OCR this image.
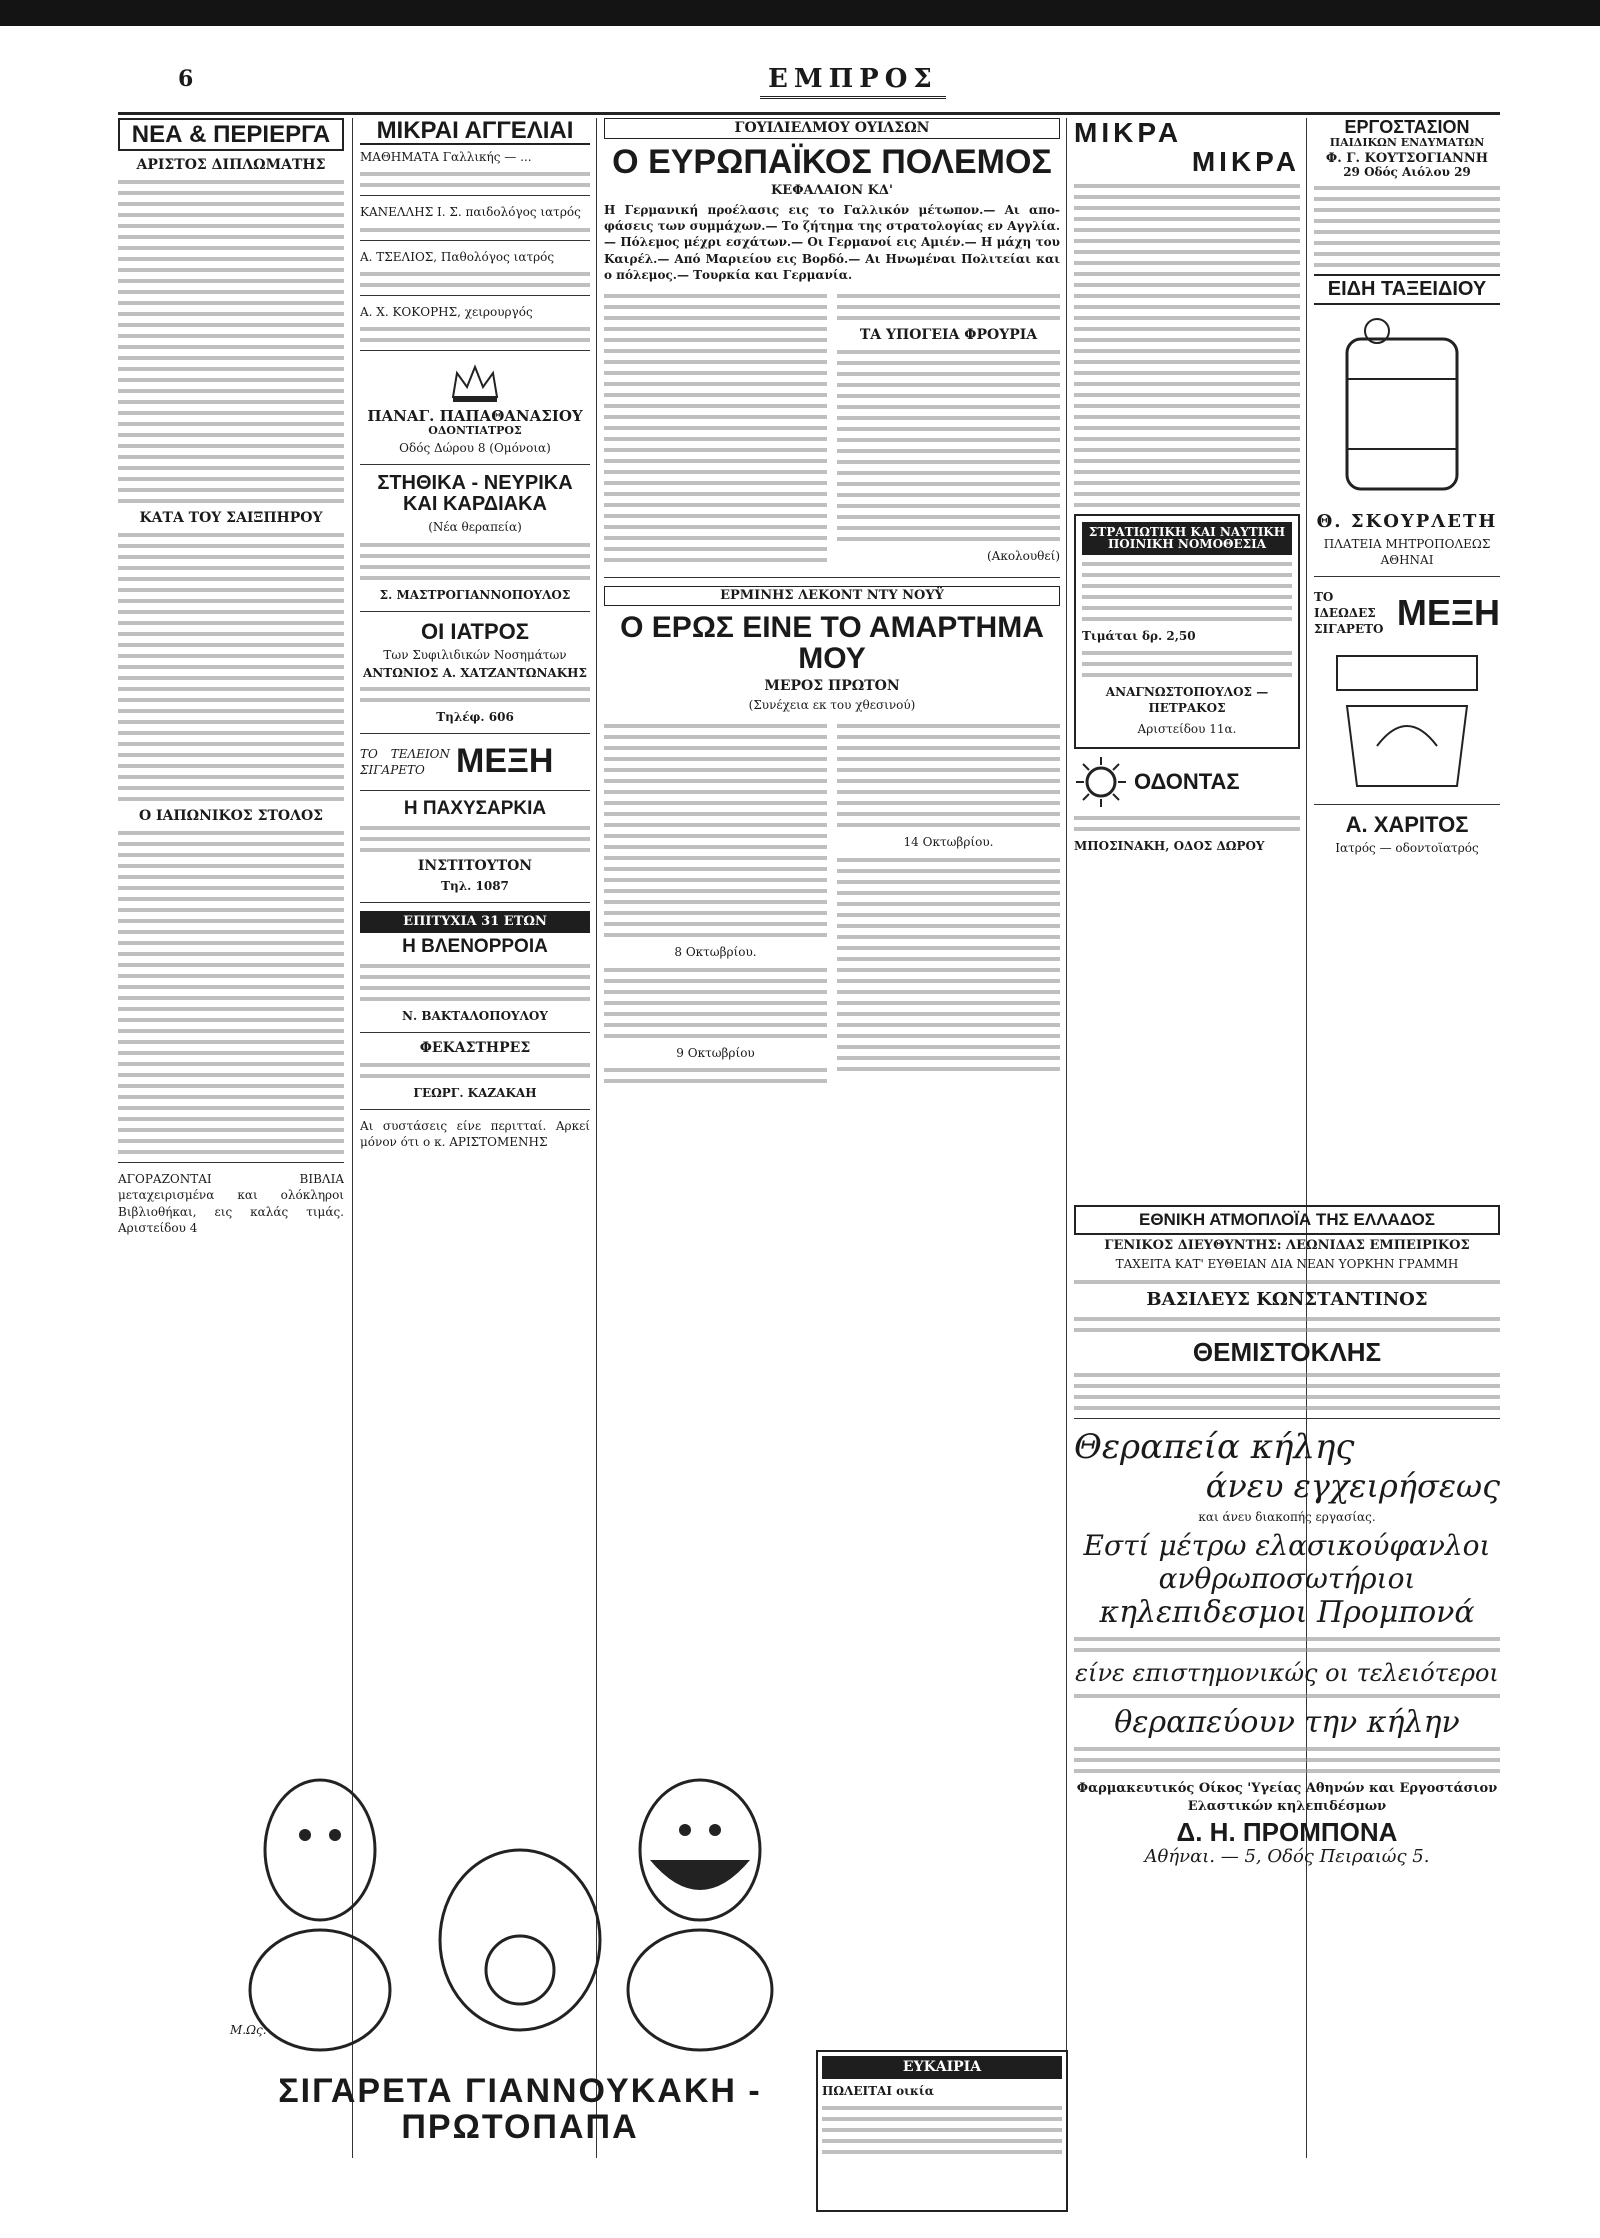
6	ΕΜΠΡΟΣ
ΝΕΑ & ΠΕΡΙΕΡΓΑ
ΑΡΙΣΤΟΣ ΔΙΠΛΩΜΑΤΗΣ
ΚΑΤΑ ΤΟΥ ΣΑΙΞΠΗΡΟΥ
Ο ΙΑΠΩΝΙΚΟΣ ΣΤΟΛΟΣ
ΑΓΟΡΑΖΟΝΤΑΙ ΒΙΒΛΙΑ μεταχειρισμένα και ολόκληροι Βιβλιοθήκαι, εις καλάς τιμάς. Αριστείδου 4
ΜΙΚΡΑΙ ΑΓΓΕΛΙΑΙ
ΜΑΘΗΜΑΤΑ Γαλλικής — ...
ΚΑΝΕΛΛΗΣ Ι. Σ. παιδολόγος ιατρός
Α. ΤΣΕΛΙΟΣ, Παθολόγος ιατρός
Α. Χ. ΚΟΚΟΡΗΣ, χειρουργός
ΠΑΝΑΓ. ΠΑΠΑΘΑΝΑΣΙΟΥ
ΟΔΟΝΤΙΑΤΡΟΣ
Οδός Δώρου 8 (Ομόνοια)
ΣΤΗΘΙΚΑ - ΝΕΥΡΙΚΑ ΚΑΙ ΚΑΡΔΙΑΚΑ
(Νέα θεραπεία)
Σ. ΜΑΣΤΡΟΓΙΑΝΝΟΠΟΥΛΟΣ
ΟΙ ΙΑΤΡΟΣ
Των Συφιλιδικών Νοσημάτων
ΑΝΤΩΝΙΟΣ Α. ΧΑΤΖΑΝΤΩΝΑΚΗΣ
Τηλέφ. 606
ΤΟ ΤΕΛΕΙΟΝ ΣΙΓΑΡΕΤΟ ΜΕΞΗ
Η ΠΑΧΥΣΑΡΚΙΑ
ΙΝΣΤΙΤΟΥΤΟΝ
Τηλ. 1087
ΕΠΙΤΥΧΙΑ 31 ΕΤΩΝ
Η ΒΛΕΝΟΡΡΟΙΑ
Ν. ΒΑΚΤΑΛΟΠΟΥΛΟΥ
ΦΕΚΑΣΤΗΡΕΣ
ΓΕΩΡΓ. ΚΑΖΑΚΑΗ
Αι συστάσεις είνε περιτταί. Αρκεί μόνον ότι ο κ. ΑΡΙΣΤΟΜΕΝΗΣ
ΓΟΥΙΛΙΕΛΜΟΥ ΟΥΙΛΣΩΝ
Ο ΕΥΡΩΠΑΪΚΟΣ ΠΟΛΕΜΟΣ
ΚΕΦΑΛΑΙΟΝ ΚΔ'
Η Γερμανική προέλασις εις το Γαλλικόν μέτωπον.— Αι αποφάσεις των συμμάχων.— Το ζήτημα της στρατολογίας εν Αγγλία.— Πόλεμος μέχρι εσχάτων.— Οι Γερμανοί εις Αμιέν.— Η μάχη του Καιρέλ.— Από Μαριείου εις Βορδό.— Αι Ηνωμέναι Πολιτείαι και ο πόλεμος.— Τουρκία και Γερμανία.
ΤΑ ΥΠΟΓΕΙΑ ΦΡΟΥΡΙΑ
(Ακολουθεί)
ΕΡΜΙΝΗΣ ΛΕΚΟΝΤ ΝΤΥ ΝΟΥΫ
Ο ΕΡΩΣ ΕΙΝΕ ΤΟ ΑΜΑΡΤΗΜΑ ΜΟΥ
ΜΕΡΟΣ ΠΡΩΤΟΝ
(Συνέχεια εκ του χθεσινού)
8 Οκτωβρίου.
9 Οκτωβρίου
14 Οκτωβρίου.
ΜΙΚΡΑ
ΜΙΚΡΑ
ΣΤΡΑΤΙΩΤΙΚΗ ΚΑΙ ΝΑΥΤΙΚΗ ΠΟΙΝΙΚΗ ΝΟΜΟΘΕΣΙΑ
Τιμάται δρ. 2,50
ΑΝΑΓΝΩΣΤΟΠΟΥΛΟΣ — ΠΕΤΡΑΚΟΣ
Αριστείδου 11α.
ΟΔΟΝΤΑΣ
ΜΠΟΣΙΝΑΚΗ, ΟΔΟΣ ΔΩΡΟΥ
ΕΡΓΟΣΤΑΣΙΟΝ
ΠΑΙΔΙΚΩΝ ΕΝΔΥΜΑΤΩΝ
Φ. Γ. ΚΟΥΤΣΟΓΙΑΝΝΗ
29 Οδός Αιόλου 29
ΕΙΔΗ ΤΑΞΕΙΔΙΟΥ
Θ. ΣΚΟΥΡΛΕΤΗ
ΠΛΑΤΕΙΑ ΜΗΤΡΟΠΟΛΕΩΣ ΑΘΗΝΑΙ
ΤΟ ΙΔΕΩΔΕΣ ΣΙΓΑΡΕΤΟ ΜΕΞΗ
Α. ΧΑΡΙΤΟΣ
Ιατρός — οδοντοϊατρός
ΕΘΝΙΚΗ ΑΤΜΟΠΛΟΪΑ ΤΗΣ ΕΛΛΑΔΟΣ
ΓΕΝΙΚΟΣ ΔΙΕΥΘΥΝΤΗΣ: ΛΕΩΝΙΔΑΣ ΕΜΠΕΙΡΙΚΟΣ
ΤΑΧΕΙΤΑ ΚΑΤ' ΕΥΘΕΙΑΝ ΔΙΑ ΝΕΑΝ ΥΟΡΚΗΝ ΓΡΑΜΜΗ
ΒΑΣΙΛΕΥΣ ΚΩΝΣΤΑΝΤΙΝΟΣ
ΘΕΜΙΣΤΟΚΛΗΣ
Θεραπεία κήλης
άνευ εγχειρήσεως
και άνευ διακοπής εργασίας.
Εστί μέτρω ελασικούφανλοι
ανθρωποσωτήριοι
κηλεπιδεσμοι Προμπονά
είνε επιστημονικώς οι τελειότεροι
θεραπεύουν την κήλην
Φαρμακευτικός Οίκος 'Υγείας Αθηνών και Εργοστάσιον Ελαστικών κηλεπιδέσμων
Δ. Η. ΠΡΟΜΠΟΝΑ
Αθήναι. — 5, Οδός Πειραιώς 5.
Μ.Ως.
ΣΙΓΑΡΕΤΑ ΓΙΑΝΝΟΥΚΑΚΗ - ΠΡΩΤΟΠΑΠΑ
ΕΥΚΑΙΡΙΑ
ΠΩΛΕΙΤΑΙ οικία
